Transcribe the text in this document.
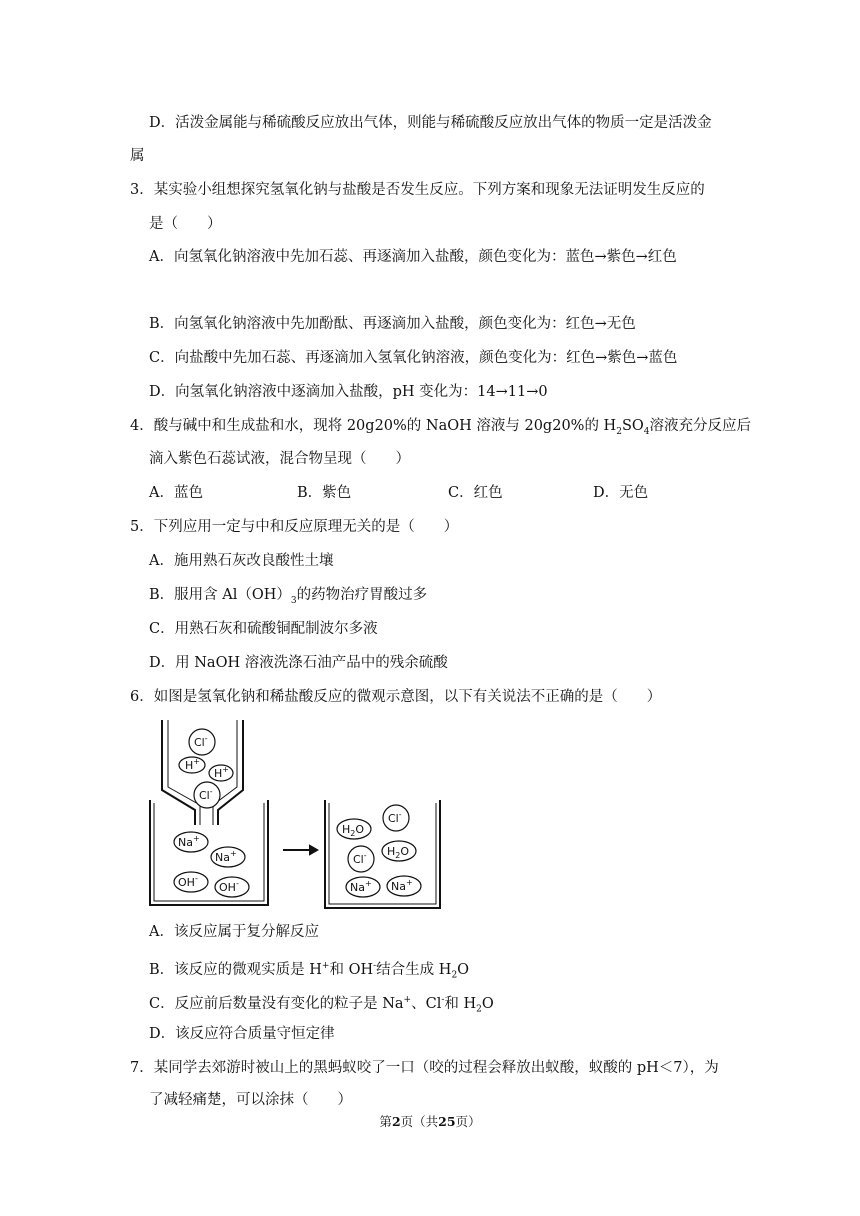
D．活泼金属能与稀硫酸反应放出气体，则能与稀硫酸反应放出气体的物质一定是活泼金
属
3．某实验小组想探究氢氧化钠与盐酸是否发生反应。下列方案和现象无法证明发生反应的
是（　　）
A．向氢氧化钠溶液中先加石蕊、再逐滴加入盐酸，颜色变化为：蓝色→紫色→红色
B．向氢氧化钠溶液中先加酚酞、再逐滴加入盐酸，颜色变化为：红色→无色
C．向盐酸中先加石蕊、再逐滴加入氢氧化钠溶液，颜色变化为：红色→紫色→蓝色
D．向氢氧化钠溶液中逐滴加入盐酸，pH 变化为：14→11→0
4．酸与碱中和生成盐和水，现将 20g20%的 NaOH 溶液与 20g20%的 $H_2SO_4$溶液充分反应后
滴入紫色石蕊试液，混合物呈现（　　）
A．蓝色	B．紫色	C．红色	D．无色
5．下列应用一定与中和反应原理无关的是（　　）
A．施用熟石灰改良酸性土壤
B．服用含 $Al(OH)_3$的药物治疗胃酸过多
C．用熟石灰和硫酸铜配制波尔多液
D．用 NaOH 溶液洗涤石油产品中的残余硫酸
6．如图是氢氧化钠和稀盐酸反应的微观示意图，以下有关说法不正确的是（　　）
Cl-
H+
H+
Cl-
Na+
Na+
OH-
OH-
Cl-
$H_2O$
Cl- $H_2O$
Na+ Na+
A．该反应属于复分解反应
B．该反应的微观实质是 H+和 OH-结合生成 $H_2O$
C．反应前后数量没有变化的粒子是 Na+、Cl-和 $H_2O$
D．该反应符合质量守恒定律
7．某同学去郊游时被山上的黑蚂蚁咬了一口（咬的过程会释放出蚁酸，蚁酸的 pH＜7），为
了减轻痛楚，可以涂抹（　　）
第2页（共25页）
